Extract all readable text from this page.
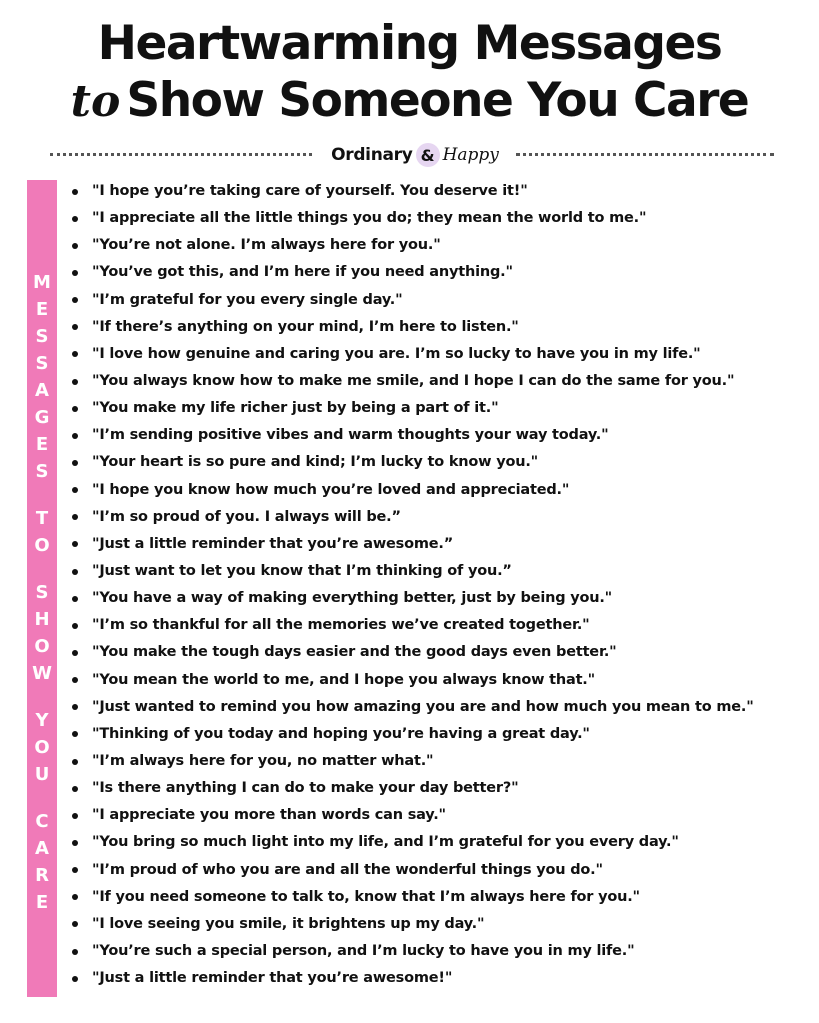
Heartwarming Messages
to Show Someone You Care
Ordinary & Happy
M
E
S
S
A
G
E
S
T
O
S
H
O
W
Y
O
U
C
A
R
E
"I hope you’re taking care of yourself. You deserve it!"
"I appreciate all the little things you do; they mean the world to me."
"You’re not alone. I’m always here for you."
"You’ve got this, and I’m here if you need anything."
"I’m grateful for you every single day."
"If there’s anything on your mind, I’m here to listen."
"I love how genuine and caring you are. I’m so lucky to have you in my life."
"You always know how to make me smile, and I hope I can do the same for you."
"You make my life richer just by being a part of it."
"I’m sending positive vibes and warm thoughts your way today."
"Your heart is so pure and kind; I’m lucky to know you."
"I hope you know how much you’re loved and appreciated."
"I’m so proud of you. I always will be.”
"Just a little reminder that you’re awesome.”
"Just want to let you know that I’m thinking of you.”
"You have a way of making everything better, just by being you."
"I’m so thankful for all the memories we’ve created together."
"You make the tough days easier and the good days even better."
"You mean the world to me, and I hope you always know that."
"Just wanted to remind you how amazing you are and how much you mean to me."
"Thinking of you today and hoping you’re having a great day."
"I’m always here for you, no matter what."
"Is there anything I can do to make your day better?"
"I appreciate you more than words can say."
"You bring so much light into my life, and I’m grateful for you every day."
"I’m proud of who you are and all the wonderful things you do."
"If you need someone to talk to, know that I’m always here for you."
"I love seeing you smile, it brightens up my day."
"You’re such a special person, and I’m lucky to have you in my life."
"Just a little reminder that you’re awesome!"
